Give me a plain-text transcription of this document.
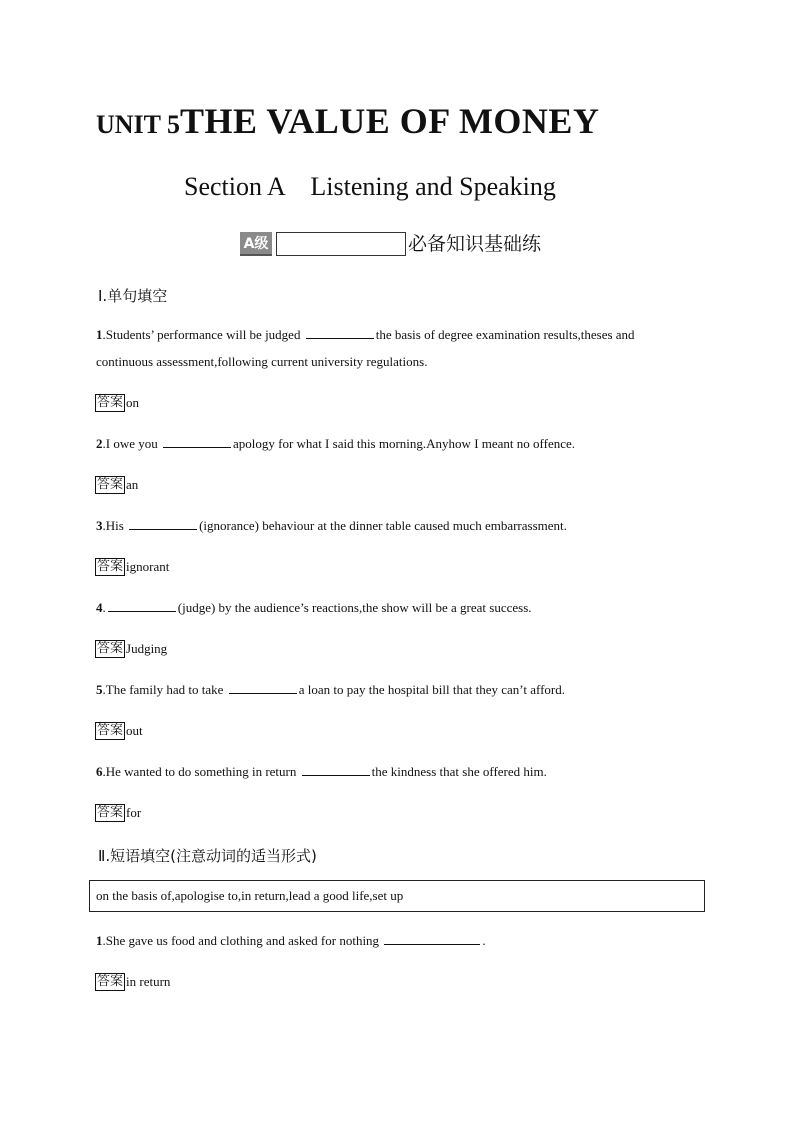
UNIT 5THE VALUE OF MONEY
Section A　Listening and Speaking
A级	必备知识基础练
Ⅰ.单句填空
1.Students’ performance will be judged	the basis of degree examination results,theses and
continuous assessment,following current university regulations.
答案 on
2.I owe you	apology for what I said this morning.Anyhow I meant no offence.
答案 an
3.His	(ignorance) behaviour at the dinner table caused much embarrassment.
答案 ignorant
4.	(judge) by the audience’s reactions,the show will be a great success.
答案 Judging
5.The family had to take	a loan to pay the hospital bill that they can’t afford.
答案 out
6.He wanted to do something in return	the kindness that she offered him.
答案 for
Ⅱ.短语填空(注意动词的适当形式)
on the basis of,apologise to,in return,lead a good life,set up
1.She gave us food and clothing and asked for nothing	.
答案 in return
